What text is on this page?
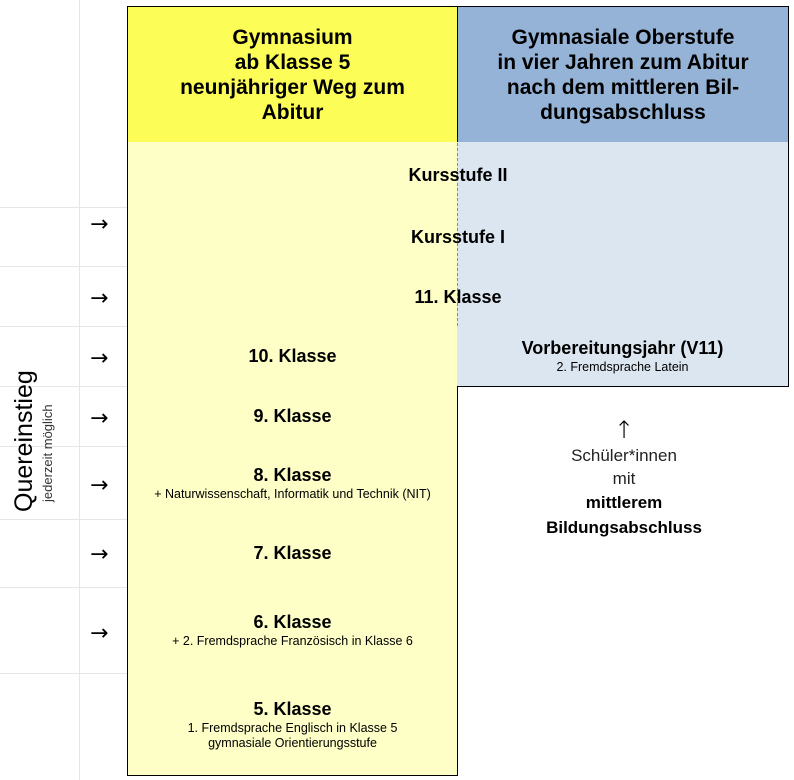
Quereinstieg jederzeit möglich
Gymnasium
ab Klasse 5
neunjähriger Weg zum
Abitur
Gymnasiale Oberstufe
in vier Jahren zum Abitur
nach dem mittleren Bil-
dungsabschluss
Kursstufe II
Kursstufe I
11. Klasse
10. Klasse	Vorbereitungsjahr (V11)
2. Fremdsprache Latein
9. Klasse
8. Klasse
+ Naturwissenschaft, Informatik und Technik (NIT)
7. Klasse
6. Klasse
+ 2. Fremdsprache Französisch in Klasse 6
5. Klasse
1. Fremdsprache Englisch in Klasse 5
gymnasiale Orientierungsstufe
→
→
→
→
→
→
→
↑
Schüler*innen
mit
mittlerem
Bildungsabschluss
